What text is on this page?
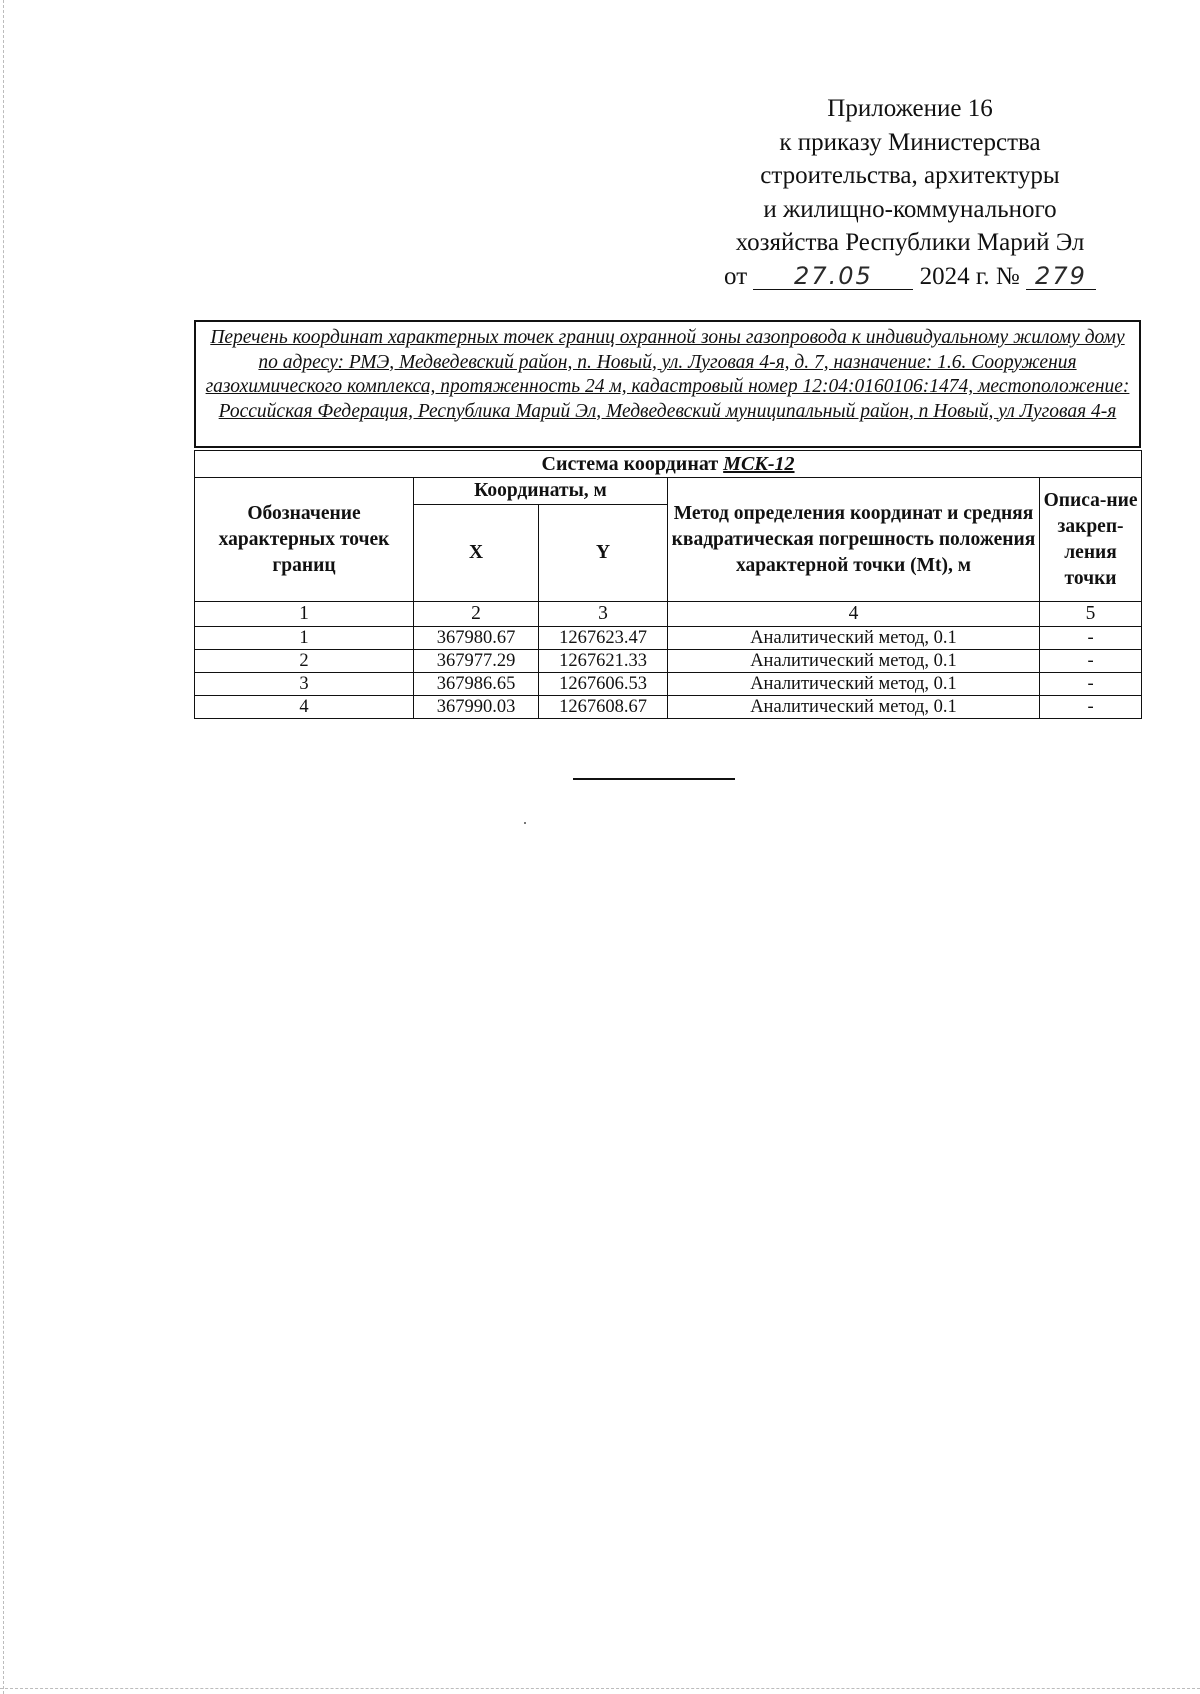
Приложение 16
к приказу Министерства
строительства, архитектуры
и жилищно-коммунального
хозяйства Республики Марий Эл
от 27.05 2024 г. № 279
Перечень координат характерных точек границ охранной зоны газопровода к индивидуальному жилому дому по адресу: РМЭ, Медведевский район, п. Новый, ул. Луговая 4-я, д. 7, назначение: 1.6. Сооружения газохимического комплекса, протяженность 24 м, кадастровый номер 12:04:0160106:1474, местоположение: Российская Федерация, Республика Марий Эл, Медведевский муниципальный район, п Новый, ул Луговая 4-я
Система координат МСК-12				
Обозначение характерных точек границ	Координаты, м		Метод определения координат и средняя квадратическая погрешность положения характерной точки (Mt), м	Описа-ние закреп-ления точки
	X	Y		
1	2	3	4	5
1	367980.67	1267623.47	Аналитический метод, 0.1	-
2	367977.29	1267621.33	Аналитический метод, 0.1	-
3	367986.65	1267606.53	Аналитический метод, 0.1	-
4	367990.03	1267608.67	Аналитический метод, 0.1	-
